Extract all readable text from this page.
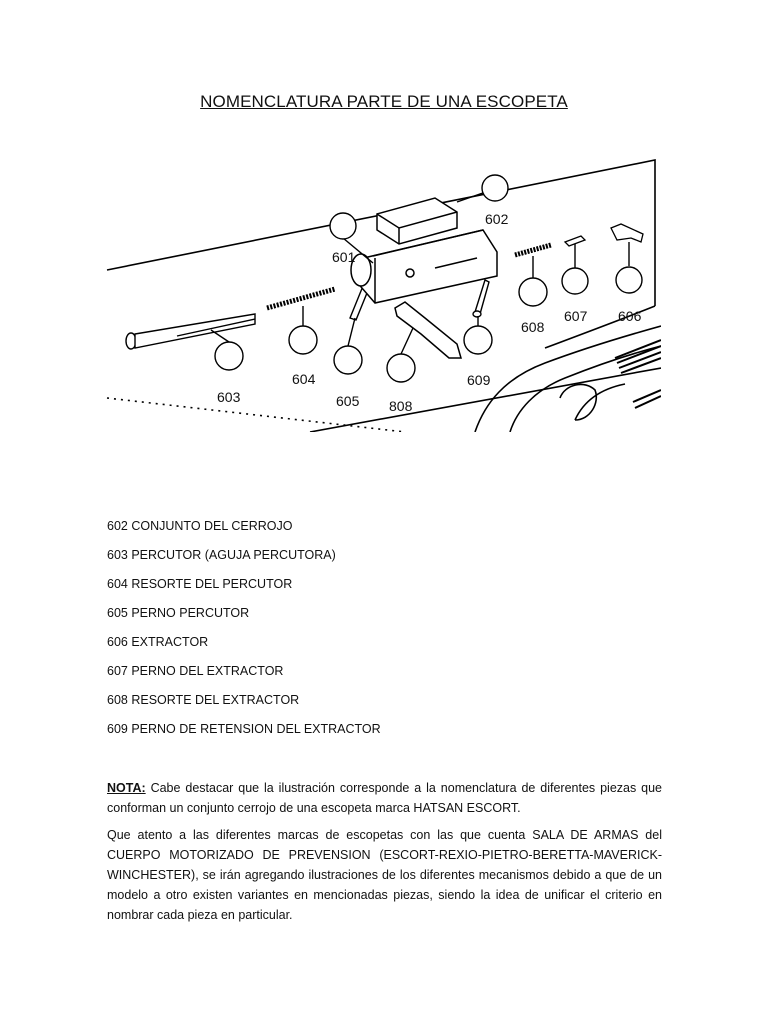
NOMENCLATURA PARTE DE UNA ESCOPETA
602
601
603
604
605 808
609
608
607 606
602 CONJUNTO DEL CERROJO
603 PERCUTOR (AGUJA PERCUTORA)
604 RESORTE DEL PERCUTOR
605 PERNO PERCUTOR
606 EXTRACTOR
607 PERNO DEL EXTRACTOR
608 RESORTE DEL EXTRACTOR
609 PERNO DE RETENSION DEL EXTRACTOR

NOTA: Cabe destacar que la ilustración corresponde a la nomenclatura de diferentes piezas que conforman un conjunto cerrojo de una escopeta marca HATSAN ESCORT.

Que atento a las diferentes marcas de escopetas con las que cuenta SALA DE ARMAS del CUERPO MOTORIZADO DE PREVENSION (ESCORT-REXIO-PIETRO-BERETTA-MAVERICK-WINCHESTER), se irán agregando ilustraciones de los diferentes mecanismos debido a que de un modelo a otro existen variantes en mencionadas piezas, siendo la idea de unificar el criterio en nombrar cada pieza en particular.
